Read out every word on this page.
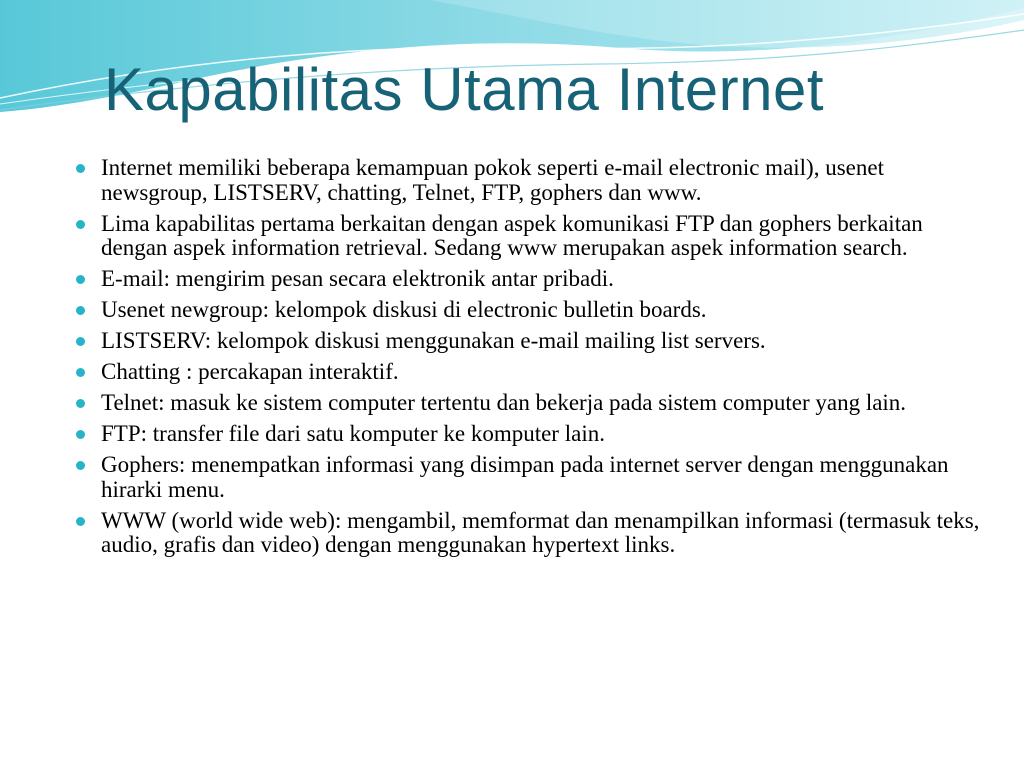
Kapabilitas Utama Internet
Internet memiliki beberapa kemampuan pokok seperti e-mail electronic mail), usenet newsgroup, LISTSERV, chatting, Telnet, FTP, gophers dan www.
Lima kapabilitas pertama berkaitan dengan aspek komunikasi FTP dan gophers berkaitan dengan aspek information retrieval. Sedang www merupakan aspek information search.
E-mail: mengirim pesan secara elektronik antar pribadi.
Usenet newgroup: kelompok diskusi di electronic bulletin boards.
LISTSERV: kelompok diskusi menggunakan e-mail mailing list servers.
Chatting : percakapan interaktif.
Telnet: masuk ke sistem computer tertentu dan bekerja pada sistem computer yang lain.
FTP: transfer file dari satu komputer ke komputer lain.
Gophers: menempatkan informasi yang disimpan pada internet server dengan menggunakan hirarki menu.
WWW (world wide web): mengambil, memformat dan menampilkan informasi (termasuk teks, audio, grafis dan video) dengan menggunakan hypertext links.
